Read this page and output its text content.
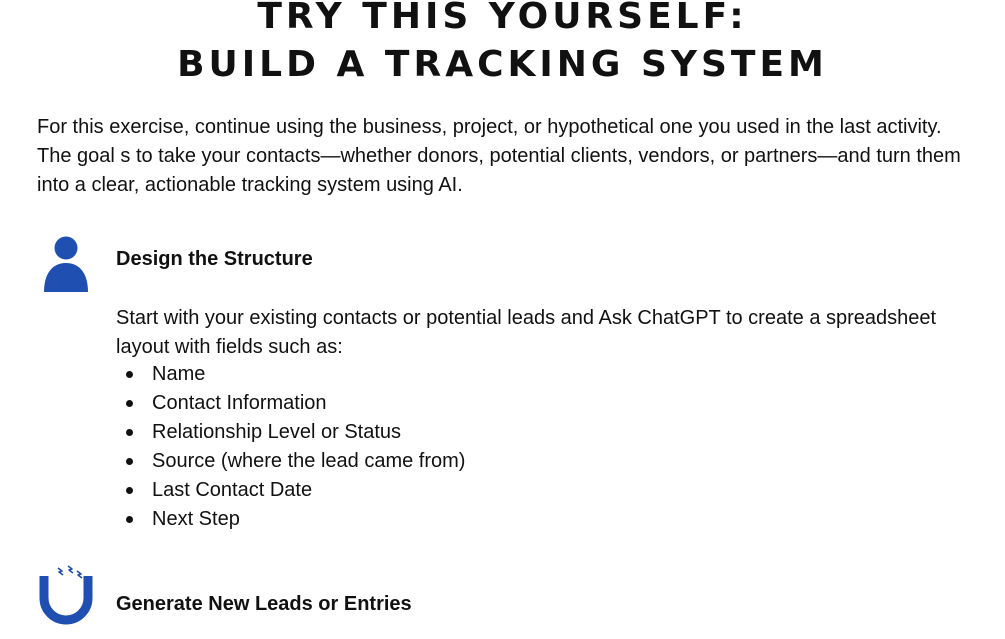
TRY THIS YOURSELF:
BUILD A TRACKING SYSTEM

For this exercise, continue using the business, project, or hypothetical one you used in the last activity. The goal s to take your contacts—whether donors, potential clients, vendors, or partners—and turn them into a clear, actionable tracking system using AI.

Design the Structure

Start with your existing contacts or potential leads and Ask ChatGPT to create a spreadsheet layout with fields such as:

Name
Contact Information
Relationship Level or Status
Source (where the lead came from)
Last Contact Date
Next Step
Generate New Leads or Entries
